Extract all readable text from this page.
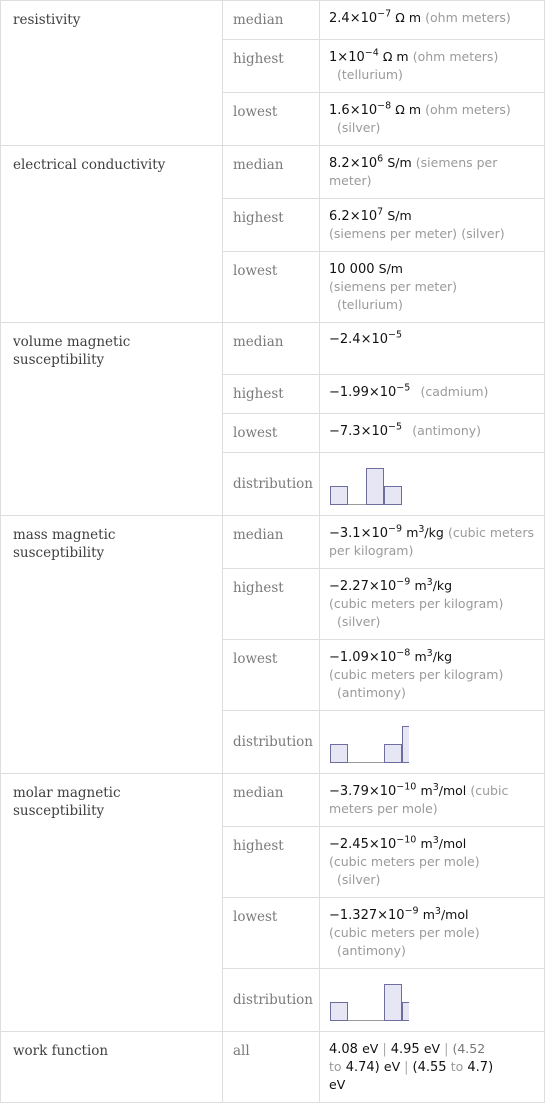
resistivity	median	$2.4\times 10^{-7}$ Ω m (ohm meters)
	highest	$1\times 10^{-4}$ Ω m (ohm meters)
(tellurium)
	lowest	$1.6\times 10^{-8}$ Ω m (ohm meters)
(silver)
electrical conductivity	median	$8.2\times 10^6$ S/m (siemens per meter)
	highest	$6.2\times 10^7$ S/m
(siemens per meter) (silver)
	lowest	10 000 S/m
(siemens per meter)
(tellurium)
volume magnetic susceptibility	median	$-2.4\times 10^{-5}$
	highest	$-1.99\times 10^{-5}$ (cadmium)
	lowest	$-7.3\times 10^{-5}$ (antimony)
	distribution	

mass magnetic susceptibility	median	$-3.1\times 10^{-9}$ $m^3/kg$ (cubic meters per kilogram)
	highest	$-2.27\times 10^{-9}$ $m^3/kg$
(cubic meters per kilogram)
(silver)
	lowest	$-1.09\times 10^{-8}$ $m^3/kg$
(cubic meters per kilogram)
(antimony)
	distribution	

molar magnetic susceptibility	median	$-3.79\times 10^{-10}$ $m^3$/mol (cubic meters per mole)
	highest	$-2.45\times 10^{-10}$ $m^3$/mol
(cubic meters per mole)
(silver)
	lowest	$-1.327\times 10^{-9}$ $m^3$/mol
(cubic meters per mole)
(antimony)
	distribution	

work function	all	4.08 eV | 4.95 eV | (4.52
to 4.74) eV | (4.55 to 4.7)
eV
